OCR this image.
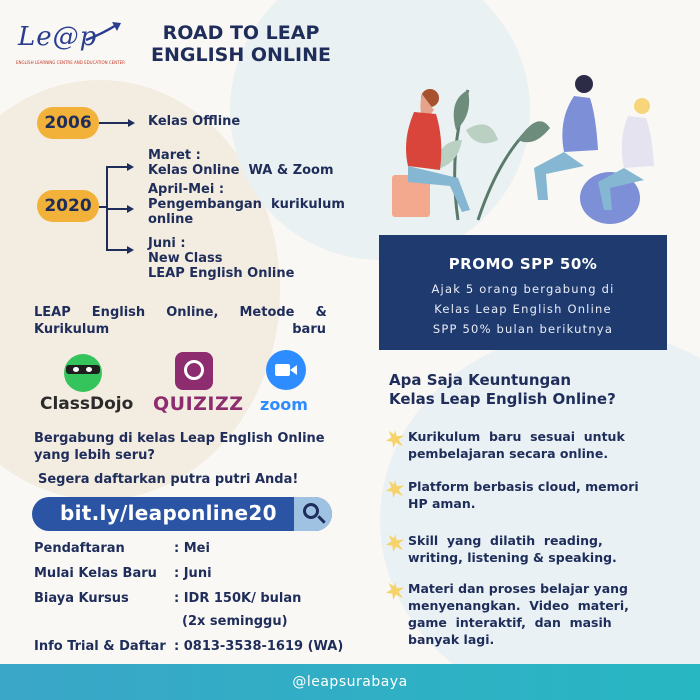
Le@p
ENGLISH LEARNING CENTRE AND EDUCATION CENTER
ROAD TO LEAP
ENGLISH ONLINE
2006	Kelas Offline
2020
Maret :
Kelas Online  WA & Zoom
April-Mei :
Pengembangan  kurikulum
online
Juni :
New Class
LEAP English Online
LEAP  English  Online,  Metode  &
Kurikulum baru
ClassDojo QUIZIZZ zoom
Bergabung di kelas Leap English Online
yang lebih seru?
Segera daftarkan putra putri Anda!
bit.ly/leaponline20
Pendaftaran	: Mei
Mulai Kelas Baru : Juni
Biaya Kursus	: IDR 150K/ bulan
(2x seminggu)
Info Trial & Daftar : 0813-3538-1619 (WA)
PROMO SPP 50%
Ajak 5 orang bergabung di
Kelas Leap English Online
SPP 50% bulan berikutnya
Apa Saja Keuntungan
Kelas Leap English Online?
Kurikulum  baru  sesuai  untuk
pembelajaran secara online.
Platform berbasis cloud, memori
HP aman.
Skill  yang  dilatih  reading,
writing, listening & speaking.
Materi dan proses belajar yang
menyenangkan.  Video  materi,
game  interaktif,  dan  masih
banyak lagi.
@leapsurabaya
